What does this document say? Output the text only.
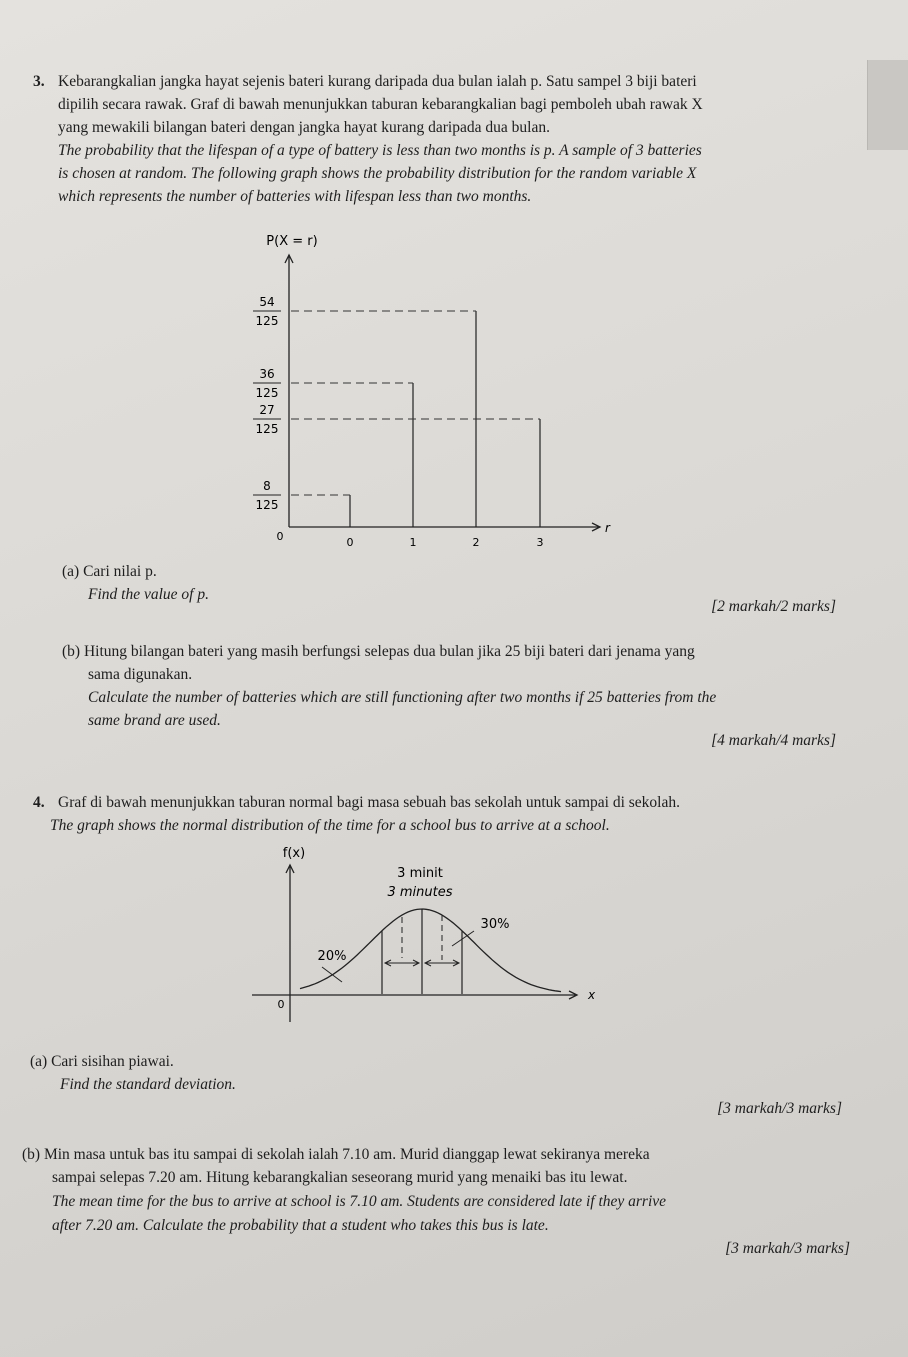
3. Kebarangkalian jangka hayat sejenis bateri kurang daripada dua bulan ialah p. Satu sampel 3 biji bateri
dipilih secara rawak. Graf di bawah menunjukkan taburan kebarangkalian bagi pemboleh ubah rawak X
yang mewakili bilangan bateri dengan jangka hayat kurang daripada dua bulan.
The probability that the lifespan of a type of battery is less than two months is p. A sample of 3 batteries
is chosen at random. The following graph shows the probability distribution for the random variable X
which represents the number of batteries with lifespan less than two months.
P(X = r)
r
0	0
8
125
1
36
125
2
54
125
3
27
125
(a) Cari nilai p.
Find the value of p.
[2 markah/2 marks]
(b) Hitung bilangan bateri yang masih berfungsi selepas dua bulan jika 25 biji bateri dari jenama yang
sama digunakan.
Calculate the number of batteries which are still functioning after two months if 25 batteries from the
same brand are used.
[4 markah/4 marks]
4. Graf di bawah menunjukkan taburan normal bagi masa sebuah bas sekolah untuk sampai di sekolah.
The graph shows the normal distribution of the time for a school bus to arrive at a school.
f(x)
x
0
3 minit
3 minutes
20%
30%
(a) Cari sisihan piawai.
Find the standard deviation.
[3 markah/3 marks]
(b) Min masa untuk bas itu sampai di sekolah ialah 7.10 am. Murid dianggap lewat sekiranya mereka
sampai selepas 7.20 am. Hitung kebarangkalian seseorang murid yang menaiki bas itu lewat.
The mean time for the bus to arrive at school is 7.10 am. Students are considered late if they arrive
after 7.20 am. Calculate the probability that a student who takes this bus is late.
[3 markah/3 marks]
